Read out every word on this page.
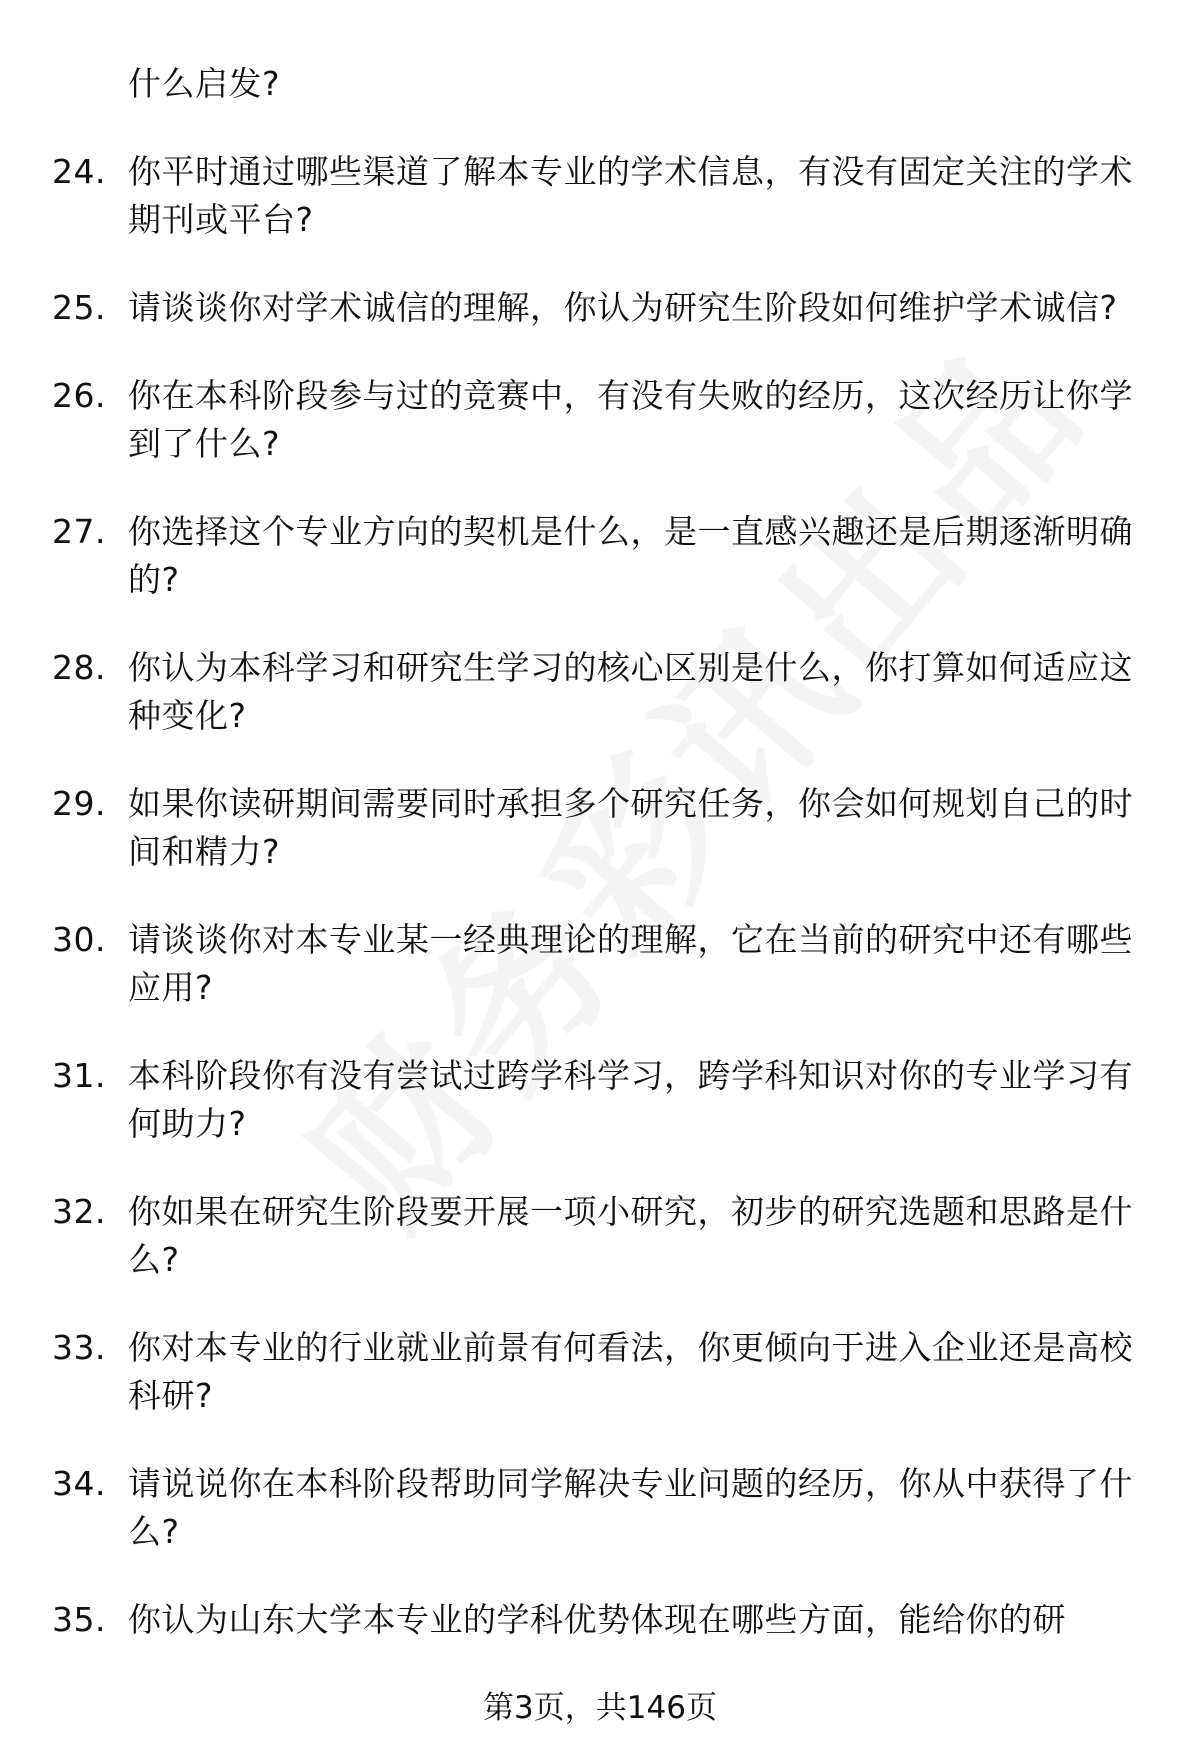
什么启发?
24. 你平时通过哪些渠道了解本专业的学术信息，有没有固定关注的学术期刊或平台?
25. 请谈谈你对学术诚信的理解，你认为研究生阶段如何维护学术诚信?
26. 你在本科阶段参与过的竞赛中，有没有失败的经历，这次经历让你学到了什么?
27. 你选择这个专业方向的契机是什么，是一直感兴趣还是后期逐渐明确的?
28. 你认为本科学习和研究生学习的核心区别是什么，你打算如何适应这种变化?
29. 如果你读研期间需要同时承担多个研究任务，你会如何规划自己的时间和精力?
30. 请谈谈你对本专业某一经典理论的理解，它在当前的研究中还有哪些应用?
31. 本科阶段你有没有尝试过跨学科学习，跨学科知识对你的专业学习有何助力?
32. 你如果在研究生阶段要开展一项小研究，初步的研究选题和思路是什么?
33. 你对本专业的行业就业前景有何看法，你更倾向于进入企业还是高校科研?
34. 请说说你在本科阶段帮助同学解决专业问题的经历，你从中获得了什么?
35. 你认为山东大学本专业的学科优势体现在哪些方面，能给你的研
第3页，共146页
